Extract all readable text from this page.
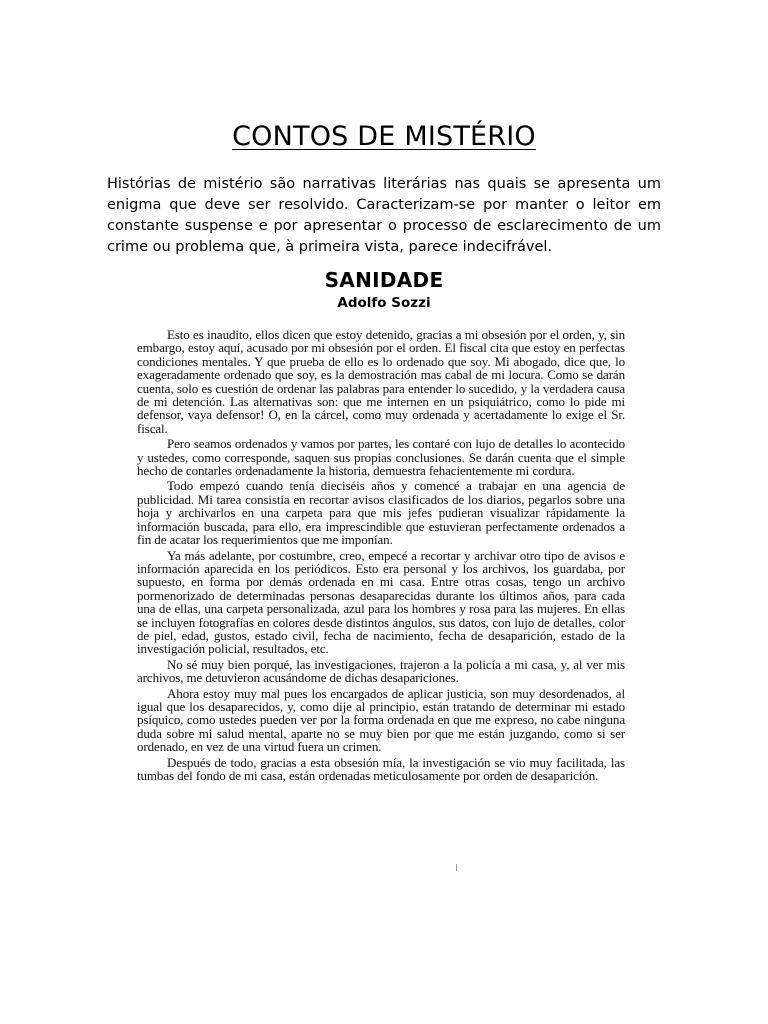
CONTOS DE MISTÉRIO

Histórias de mistério são narrativas literárias nas quais se apresenta um enigma que deve ser resolvido. Caracterizam-se por manter o leitor em constante suspense e por apresentar o processo de esclarecimento de um crime ou problema que, à primeira vista, parece indecifrável.

SANIDADE
Adolfo Sozzi

Esto es inaudito, ellos dicen que estoy detenido, gracias a mi obsesión por el orden, y, sin embargo, estoy aquí, acusado por mi obsesión por el orden. El fiscal cita que estoy en perfectas condiciones mentales. Y que prueba de ello es lo ordenado que soy. Mi abogado, dice que, lo exageradamente ordenado que soy, es la demostración mas cabal de mi locura. Como se darán cuenta, solo es cuestión de ordenar las palabras para entender lo sucedido, y la verdadera causa de mi detención. Las alternativas son: que me internen en un psiquiátrico, como lo pide mi defensor, vaya defensor! O, en la cárcel, como muy ordenada y acertadamente lo exige el Sr. fiscal.

Pero seamos ordenados y vamos por partes, les contaré con lujo de detalles lo acontecido y ustedes, como corresponde, saquen sus propias conclusiones. Se darán cuenta que el simple hecho de contarles ordenadamente la historia, demuestra fehacientemente mi cordura.

Todo empezó cuando tenía dieciséis años y comencé a trabajar en una agencia de publicidad. Mi tarea consistía en recortar avisos clasificados de los diarios, pegarlos sobre una hoja y archivarlos en una carpeta para que mis jefes pudieran visualizar rápidamente la información buscada, para ello, era imprescindible que estuvieran perfectamente ordenados a fin de acatar los requerimientos que me imponían.

Ya más adelante, por costumbre, creo, empecé a recortar y archivar otro tipo de avisos e información aparecida en los periódicos. Esto era personal y los archivos, los guardaba, por supuesto, en forma por demás ordenada en mi casa. Entre otras cosas, tengo un archivo pormenorizado de determinadas personas desaparecidas durante los últimos años, para cada una de ellas, una carpeta personalizada, azul para los hombres y rosa para las mujeres. En ellas se incluyen fotografías en colores desde distintos ángulos, sus datos, con lujo de detalles, color de piel, edad, gustos, estado civil, fecha de nacimiento, fecha de desaparición, estado de la investigación policial, resultados, etc.

No sé muy bien porqué, las investigaciones, trajeron a la policía a mi casa, y, al ver mis archivos, me detuvieron acusándome de dichas desapariciones.

Ahora estoy muy mal pues los encargados de aplicar justicia, son muy desordenados, al igual que los desaparecidos, y, como dije al principio, están tratando de determinar mi estado psíquico, como ustedes pueden ver por la forma ordenada en que me expreso, no cabe ninguna duda sobre mi salud mental, aparte no se muy bien por que me están juzgando, como si ser ordenado, en vez de una virtud fuera un crimen.

Después de todo, gracias a esta obsesión mía, la investigación se vio muy facilitada, las tumbas del fondo de mi casa, están ordenadas meticulosamente por orden de desaparición.
